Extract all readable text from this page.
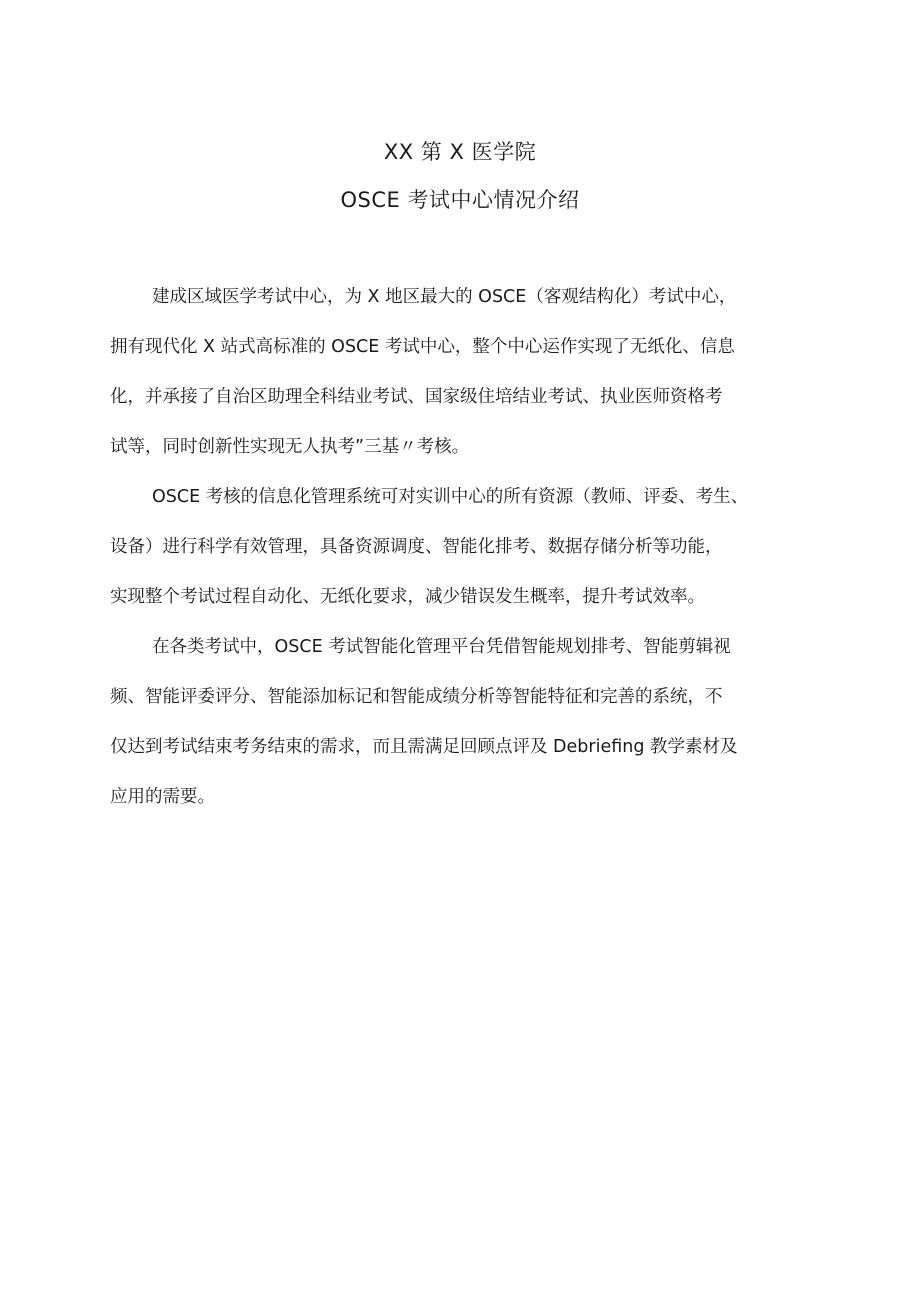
XX 第 X 医学院
OSCE 考试中心情况介绍
建成区域医学考试中心，为 X 地区最大的 OSCE（客观结构化）考试中心，
拥有现代化 X 站式高标准的 OSCE 考试中心，整个中心运作实现了无纸化、信息
化，并承接了自治区助理全科结业考试、国家级住培结业考试、执业医师资格考
试等，同时创新性实现无人执考”三基〃考核。
OSCE 考核的信息化管理系统可对实训中心的所有资源（教师、评委、考生、
设备）进行科学有效管理，具备资源调度、智能化排考、数据存储分析等功能，
实现整个考试过程自动化、无纸化要求，减少错误发生概率，提升考试效率。
在各类考试中，OSCE 考试智能化管理平台凭借智能规划排考、智能剪辑视
频、智能评委评分、智能添加标记和智能成绩分析等智能特征和完善的系统，不
仅达到考试结束考务结束的需求，而且需满足回顾点评及 Debriefing 教学素材及
应用的需要。
